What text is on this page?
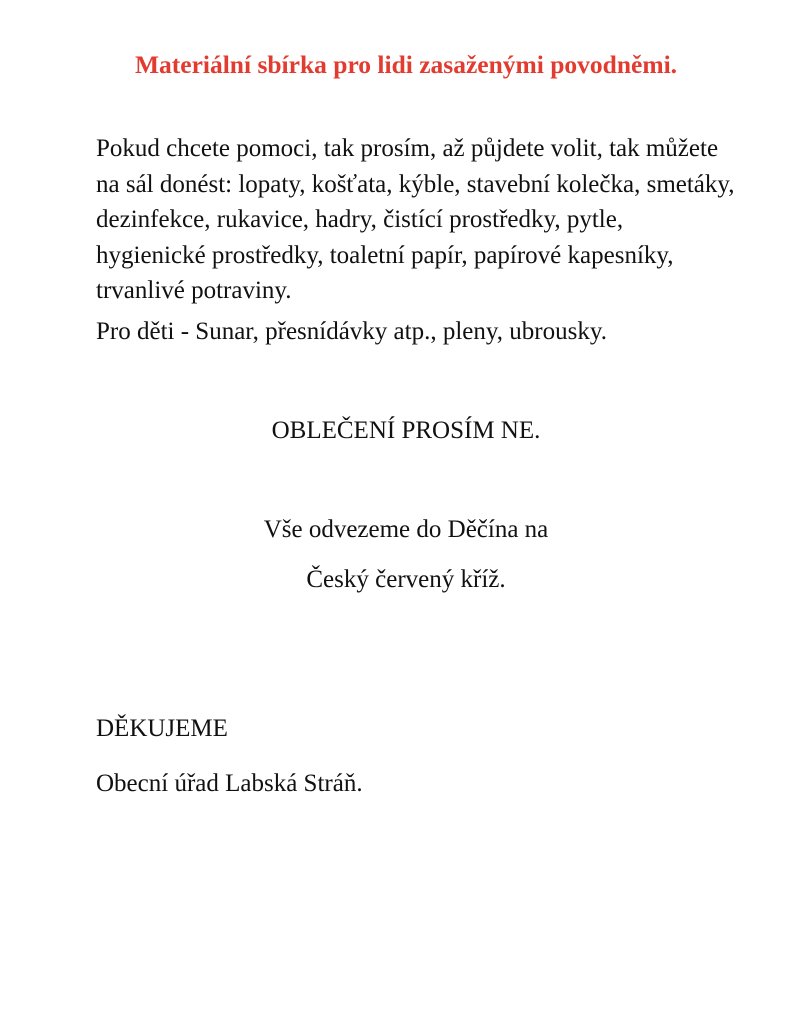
Materiální sbírka pro lidi zasaženými povodněmi.

Pokud chcete pomoci, tak prosím, až půjdete volit, tak můžete na sál donést: lopaty, košťata, kýble, stavební kolečka, smetáky, dezinfekce, rukavice, hadry, čistící prostředky, pytle, hygienické prostředky, toaletní papír, papírové kapesníky, trvanlivé potraviny.

Pro děti - Sunar, přesnídávky atp., pleny, ubrousky.

OBLEČENÍ PROSÍM NE.
Vše odvezeme do Děčína na
Český červený kříž.
DĚKUJEME
Obecní úřad Labská Stráň.
